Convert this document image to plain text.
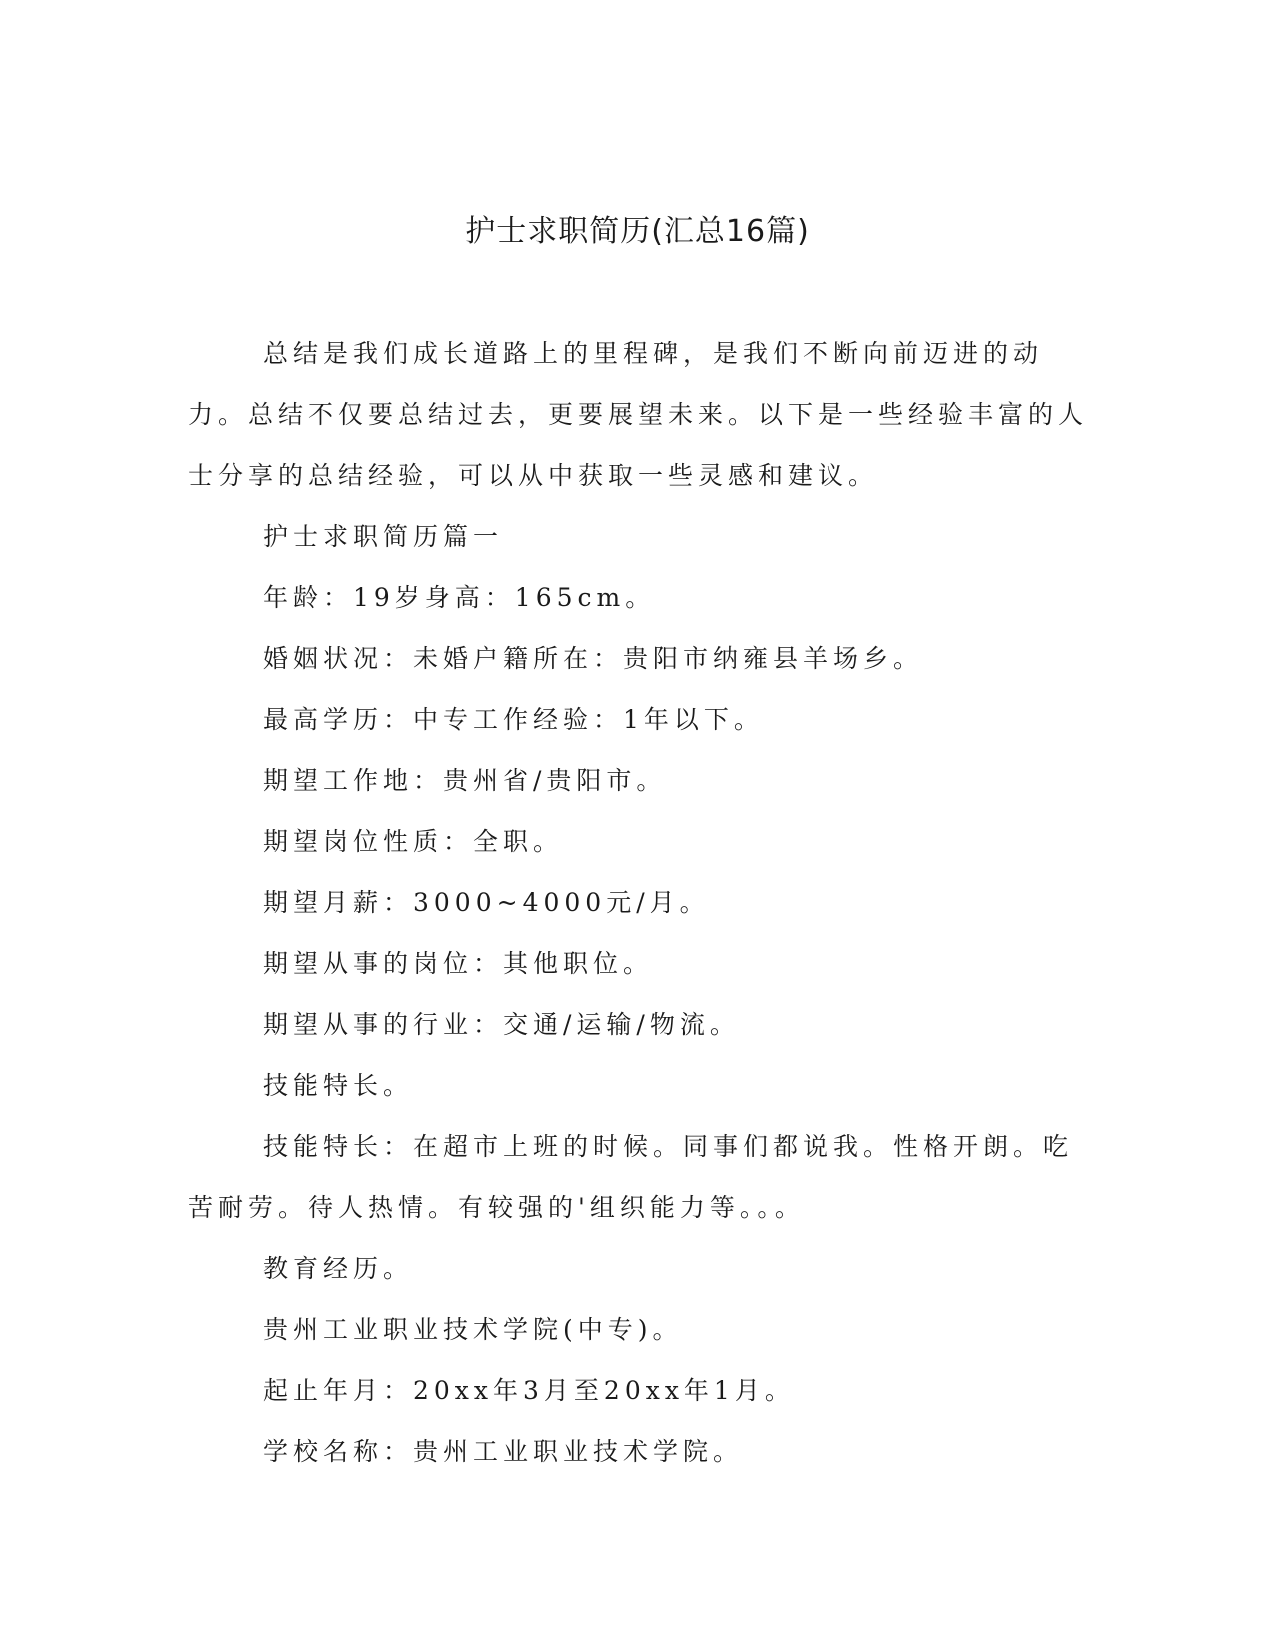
护士求职简历(汇总16篇)

总结是我们成长道路上的里程碑，是我们不断向前迈进的动力。总结不仅要总结过去，更要展望未来。以下是一些经验丰富的人士分享的总结经验，可以从中获取一些灵感和建议。

护士求职简历篇一

年龄：19岁身高：165cm。

婚姻状况：未婚户籍所在：贵阳市纳雍县羊场乡。

最高学历：中专工作经验：1年以下。

期望工作地：贵州省/贵阳市。

期望岗位性质：全职。

期望月薪：3000~4000元/月。

期望从事的岗位：其他职位。

期望从事的行业：交通/运输/物流。

技能特长。

技能特长：在超市上班的时候。同事们都说我。性格开朗。吃苦耐劳。待人热情。有较强的'组织能力等。。。

教育经历。

贵州工业职业技术学院(中专)。

起止年月：20xx年3月至20xx年1月。

学校名称：贵州工业职业技术学院。
